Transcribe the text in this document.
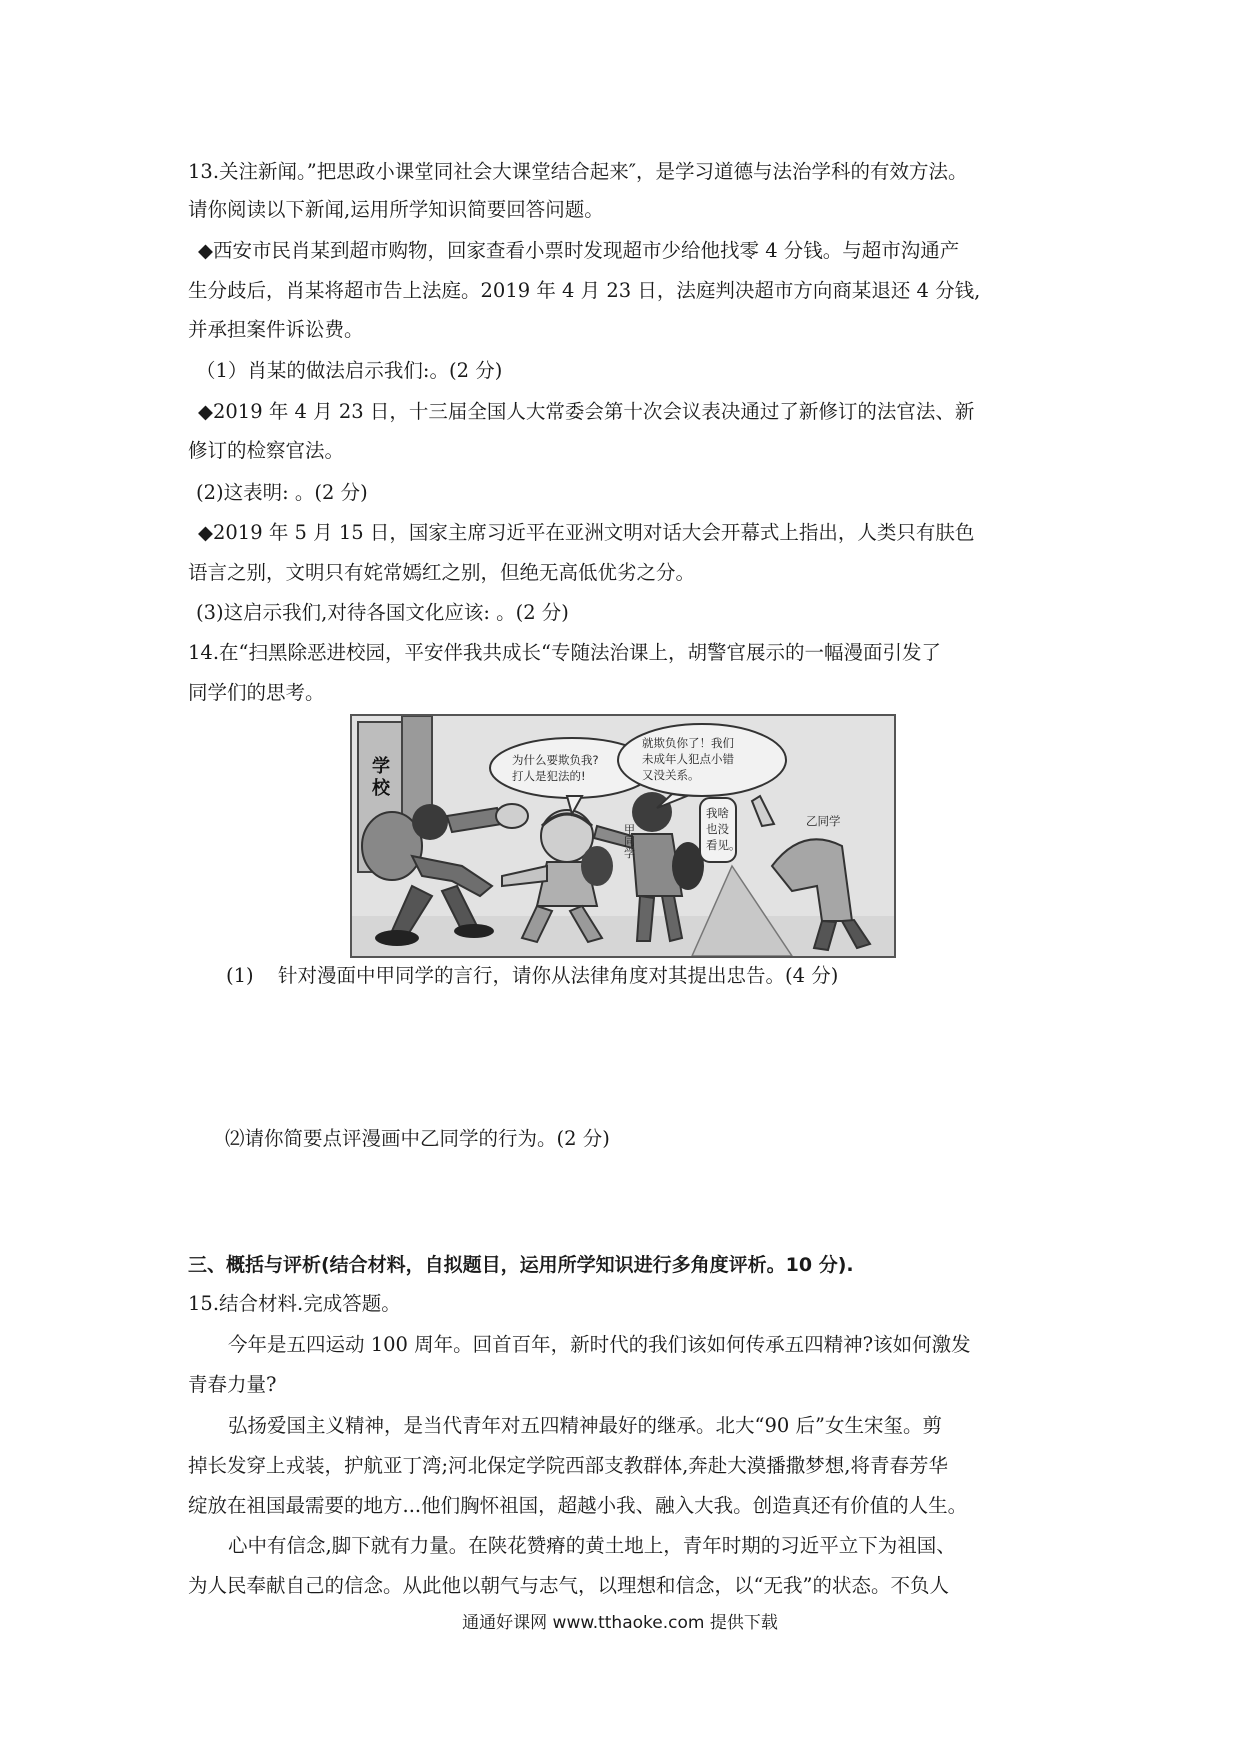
13.关注新闻。”把思政小课堂同社会大课堂结合起来″，是学习道德与法治学科的有效方法。
请你阅读以下新闻,运用所学知识简要回答问题。
◆西安市民肖某到超市购物，回家查看小票时发现超市少给他找零 4 分钱。与超市沟通产
生分歧后，肖某将超市告上法庭。2019 年 4 月 23 日，法庭判决超市方向商某退还 4 分钱,
并承担案件诉讼费。
（1）肖某的做法启示我们:。(2 分)
◆2019 年 4 月 23 日，十三届全国人大常委会第十次会议表决通过了新修订的法官法、新
修订的检察官法。
(2)这表明: 。(2 分)
◆2019 年 5 月 15 日，国家主席习近平在亚洲文明对话大会开幕式上指出，人类只有肤色
语言之别，文明只有姹常嫣红之别，但绝无高低优劣之分。
(3)这启示我们,对待各国文化应该: 。(2 分)
14.在“扫黑除恶进校园，平安伴我共成长“专随法治课上，胡警官展示的一幅漫面引发了
同学们的思考。
学校
为什么要欺负我?
打人是犯法的!
就欺负你了！我们
未成年人犯点小错
又没关系。
我啥
也没
看见。
甲同学
乙同学
(1)	针对漫面中甲同学的言行，请你从法律角度对其提出忠告。(4 分)
⑵请你简要点评漫画中乙同学的行为。(2 分)
三、概括与评析(结合材料，自拟题目，运用所学知识进行多角度评析。10 分).
15.结合材料.完成答题。
今年是五四运动 100 周年。回首百年，新时代的我们该如何传承五四精神?该如何激发
青春力量?
弘扬爱国主义精神，是当代青年对五四精神最好的继承。北大“90 后”女生宋玺。剪
掉长发穿上戎装，护航亚丁湾;河北保定学院西部支教群体,奔赴大漠播撒梦想,将青春芳华
绽放在祖国最需要的地方...他们胸怀祖国，超越小我、融入大我。创造真还有价值的人生。
心中有信念,脚下就有力量。在陕花赞瘠的黄土地上，青年时期的习近平立下为祖国、
为人民奉献自己的信念。从此他以朝气与志气，以理想和信念，以“无我”的状态。不负人
通通好课网 www.tthaoke.com 提供下载
